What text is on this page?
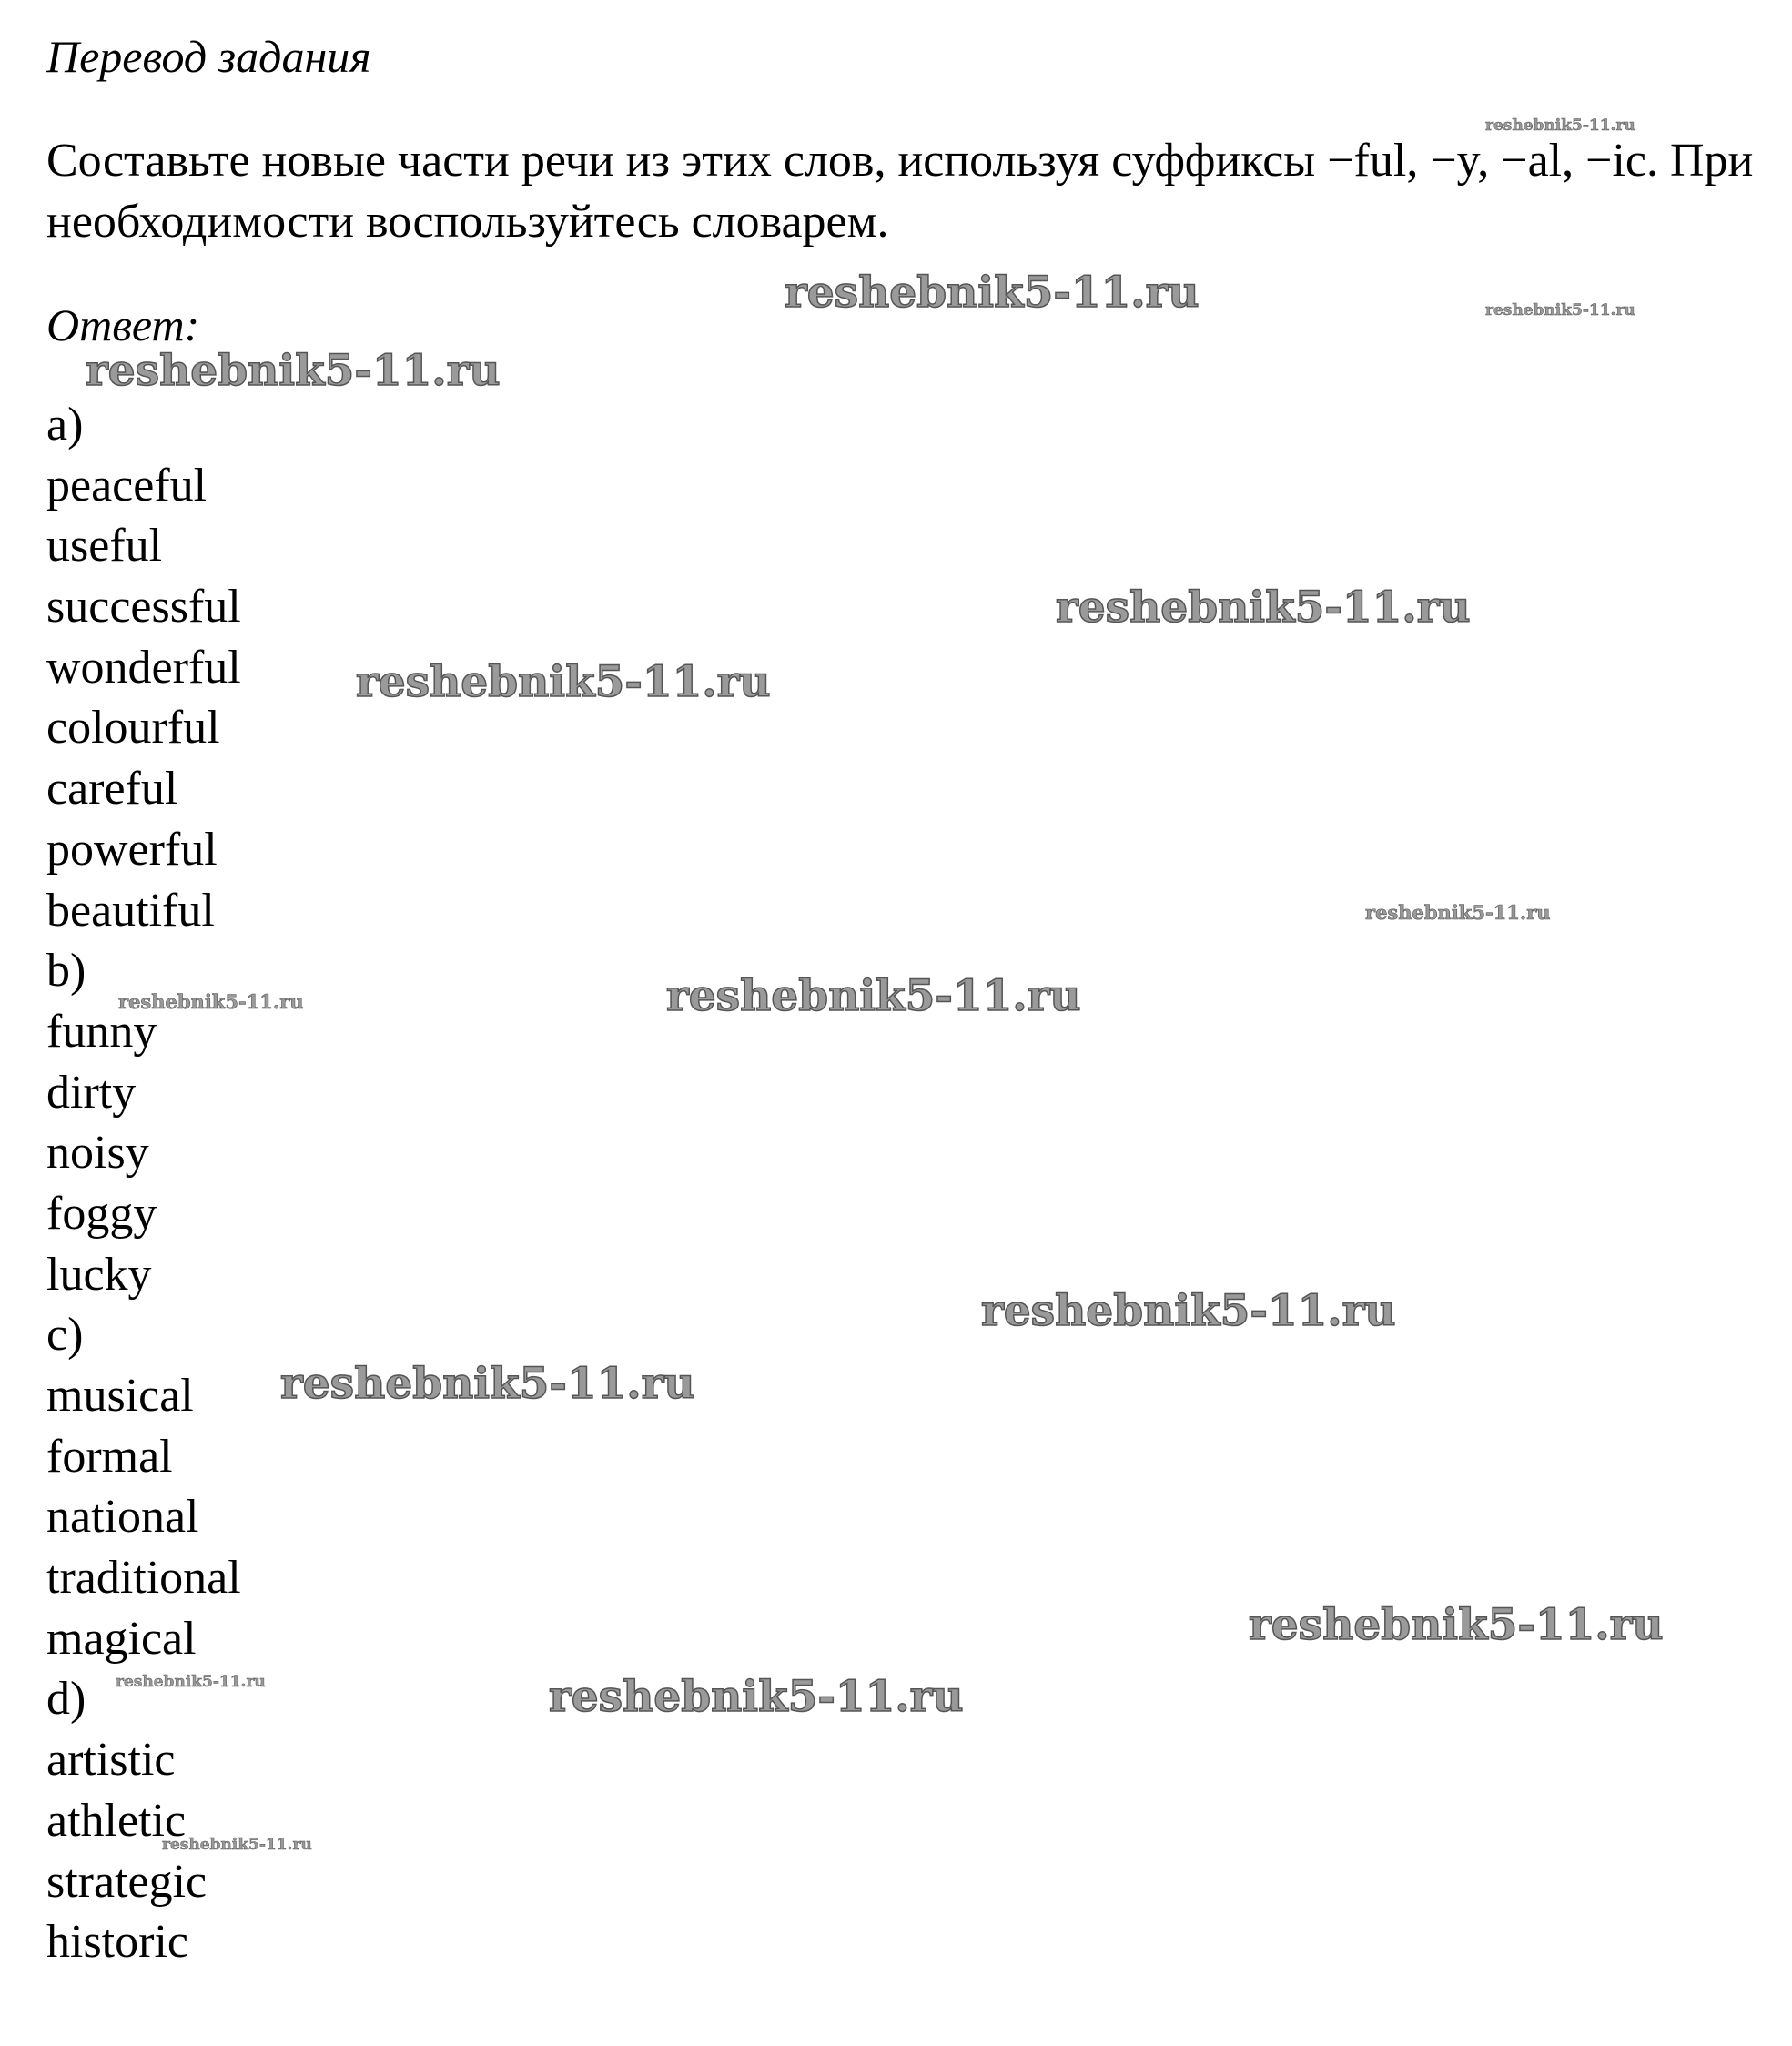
Перевод задания
Составьте новые части речи из этих слов, используя суффиксы −ful, −y, −al, −ic. При необходимости воспользуйтесь словарем.
Ответ:
a)
peaceful
useful
successful
wonderful
colourful
careful
powerful
beautiful
b)
funny
dirty
noisy
foggy
lucky
c)
musical
formal
national
traditional
magical
d)
artistic
athletic
strategic
historic
reshebnik5-11.ru
reshebnik5-11.ru	reshebnik5-11.ru
reshebnik5-11.ru
reshebnik5-11.ru
reshebnik5-11.ru
reshebnik5-11.ru
reshebnik5-11.ru	reshebnik5-11.ru
reshebnik5-11.ru
reshebnik5-11.ru
reshebnik5-11.ru
reshebnik5-11.ru	reshebnik5-11.ru
reshebnik5-11.ru
